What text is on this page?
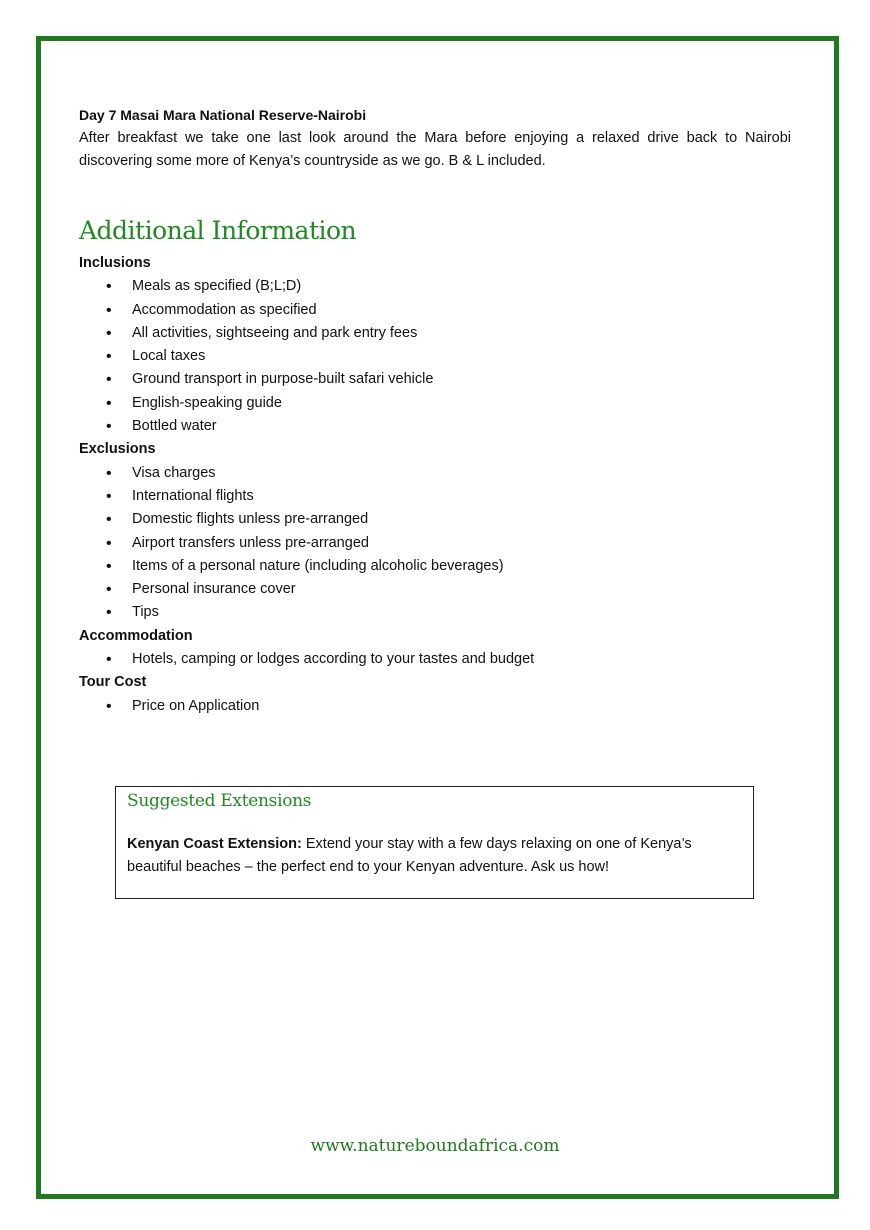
Day 7 Masai Mara National Reserve-Nairobi

After breakfast we take one last look around the Mara before enjoying a relaxed drive back to Nairobi discovering some more of Kenya’s countryside as we go. B & L included.

Additional Information

Inclusions

• Meals as specified (B;L;D)
• Accommodation as specified
• All activities, sightseeing and park entry fees
• Local taxes
• Ground transport in purpose-built safari vehicle
• English-speaking guide
• Bottled water

Exclusions

• Visa charges
• International flights
• Domestic flights unless pre-arranged
• Airport transfers unless pre-arranged
• Items of a personal nature (including alcoholic beverages)
• Personal insurance cover
• Tips

Accommodation

• Hotels, camping or lodges according to your tastes and budget

Tour Cost

• Price on Application
Suggested Extensions
Kenyan Coast Extension: Extend your stay with a few days relaxing on one of Kenya’s beautiful beaches – the perfect end to your Kenyan adventure. Ask us how!
www.natureboundafrica.com
